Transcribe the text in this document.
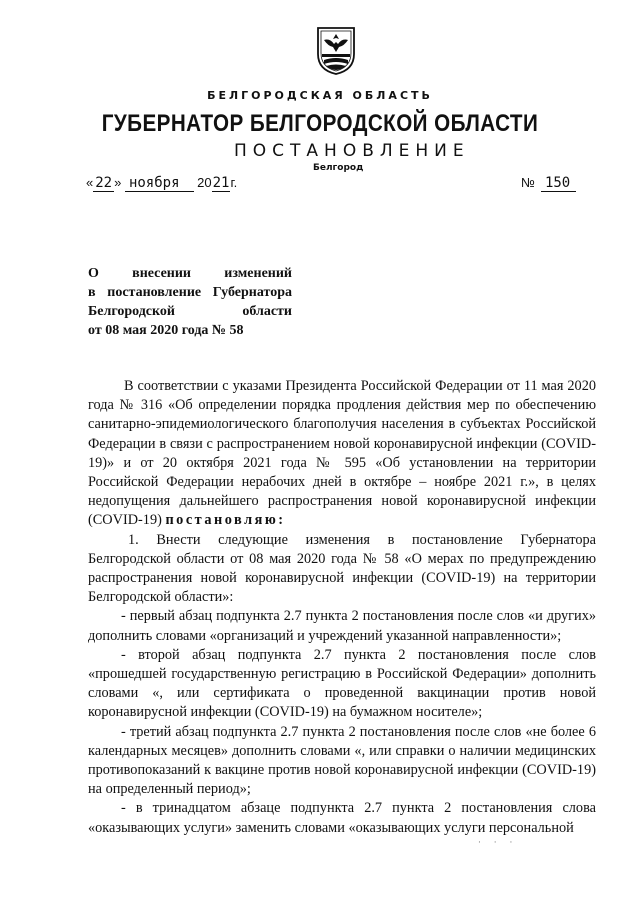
БЕЛГОРОДСКАЯ ОБЛАСТЬ
ГУБЕРНАТОР БЕЛГОРОДСКОЙ ОБЛАСТИ
ПОСТАНОВЛЕНИЕ
Белгород
« 22 » ноября 2021г.	№ 150
О внесении изменений
в постановление Губернатора
Белгородской области
от 08 мая 2020 года № 58

В соответствии с указами Президента Российской Федерации от 11 мая 2020 года № 316 «Об определении порядка продления действия мер по обеспечению санитарно-эпидемиологического благополучия населения в субъектах Российской Федерации в связи с распространением новой коронавирусной инфекции (COVID-19)» и от 20 октября 2021 года № 595 «Об установлении на территории Российской Федерации нерабочих дней в октябре – ноябре 2021 г.», в целях недопущения дальнейшего распространения новой коронавирусной инфекции (COVID-19) постановляю:

1. Внести следующие изменения в постановление Губернатора Белгородской области от 08 мая 2020 года № 58 «О мерах по предупреждению распространения новой коронавирусной инфекции (COVID-19) на территории Белгородской области»:

- первый абзац подпункта 2.7 пункта 2 постановления после слов «и других» дополнить словами «организаций и учреждений указанной направленности»;

- второй абзац подпункта 2.7 пункта 2 постановления после слов «прошедшей государственную регистрацию в Российской Федерации» дополнить словами «, или сертификата о проведенной вакцинации против новой коронавирусной инфекции (COVID-19) на бумажном носителе»;

- третий абзац подпункта 2.7 пункта 2 постановления после слов «не более 6 календарных месяцев» дополнить словами «, или справки о наличии медицинских противопоказаний к вакцине против новой коронавирусной инфекции (COVID-19) на определенный период»;

- в тринадцатом абзаце подпункта 2.7 пункта 2 постановления слова «оказывающих услуги» заменить словами «оказывающих услуги персональной

· · ·
